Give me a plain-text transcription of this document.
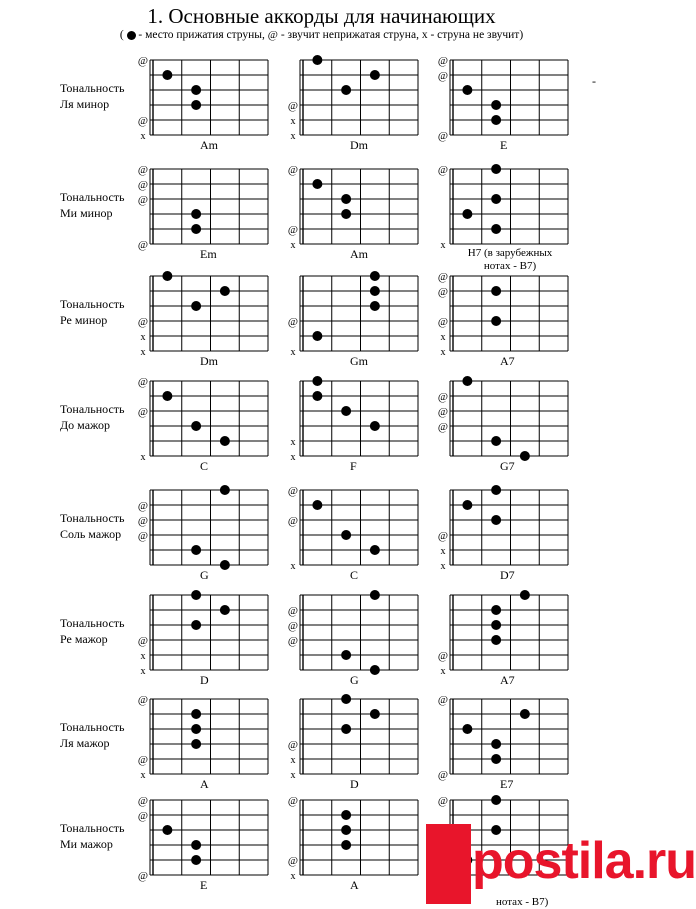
1. Основные аккорды для начинающих
(  - место прижатия струны, @ - звучит неприжатая струна, x - струна не звучит)
-
Тональность
Ля минор
@
@
x
Am
@
x
x
Dm
@
@
@
E
Тональность
Ми минор
@
@
@
@
Em
@
@
x
Am
@
x
H7 (в зарубежных нотах - B7)
Тональность
Ре минор	@
x
x
Dm
@
x
Gm
@
@
@
x
x
A7
Тональность
До мажор
@
@
x
C
x
x
F
@
@
@
G7
Тональность
Соль мажор
@
@
@
G
@
@
x
C
@
x
x
D7
Тональность
Ре мажор	@
x
x
D
@
@
@
G
@
x
A7
Тональность
Ля мажор
@
@
x
A
@
x
x
D
@
@
E7
Тональность
Ми мажор
@
@
@
E
@
@
x
A
@
postila.ru
нотах - B7)
